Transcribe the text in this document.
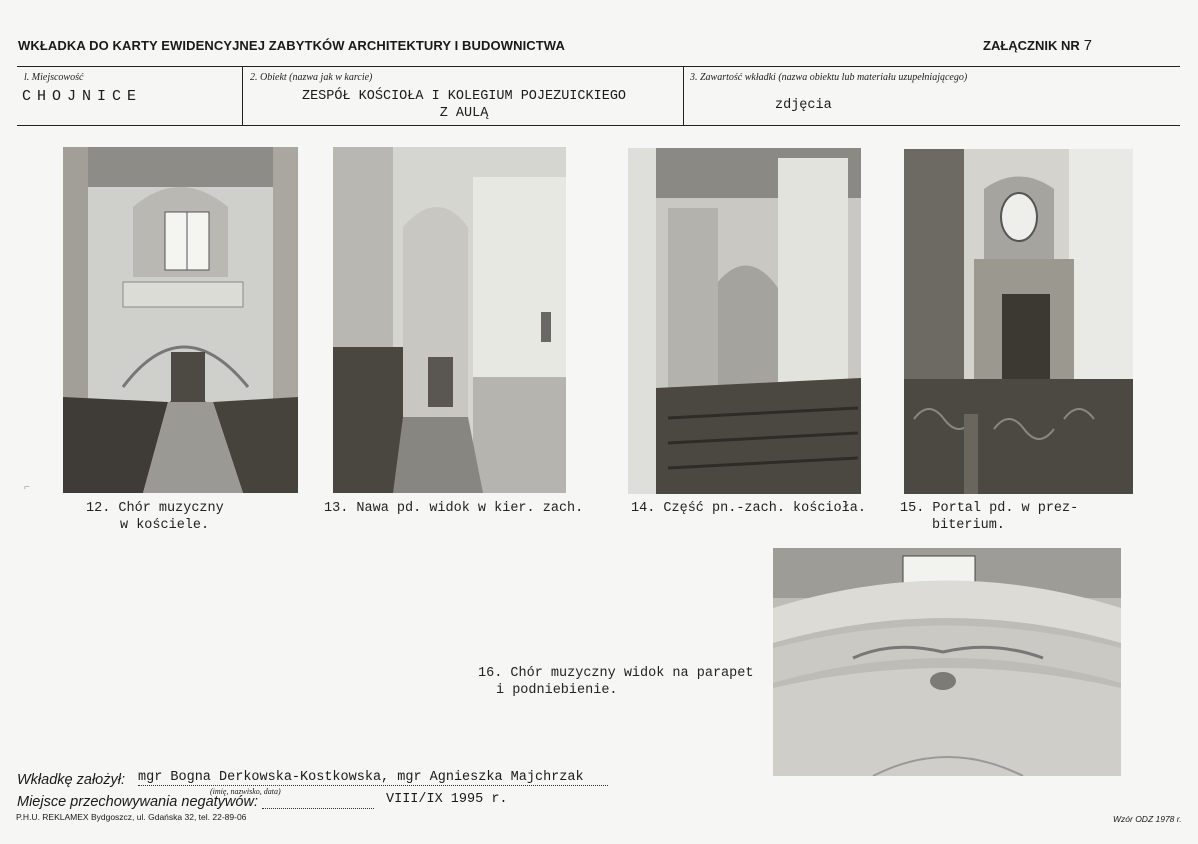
WKŁADKA DO KARTY EWIDENCYJNEJ ZABYTKÓW ARCHITEKTURY I BUDOWNICTWA	ZAŁĄCZNIK NR 7
l. Miejscowość
CHOJNICE
2. Obiekt (nazwa jak w karcie)
ZESPÓŁ KOŚCIOŁA I KOLEGIUM POJEZUICKIEGO
Z AULĄ
3. Zawartość wkładki (nazwa obiektu lub materiału uzupełniającego)
zdjęcia
⌐
12. Chór muzyczny
w kościele.
13. Nawa pd. widok w kier. zach.	14. Część pn.-zach. kościoła.	15. Portal pd. w prez-
biterium.
16. Chór muzyczny widok na parapet
i podniebienie.
Wkładkę założył: mgr Bogna Derkowska-Kostkowska, mgr Agnieszka Majchrzak
(imię, nazwisko, data)
Miejsce przechowywania negatywów:	VIII/IX 1995 r.
P.H.U. REKLAMEX Bydgoszcz, ul. Gdańska 32, tel. 22-89-06	Wzór ODZ 1978 r.
